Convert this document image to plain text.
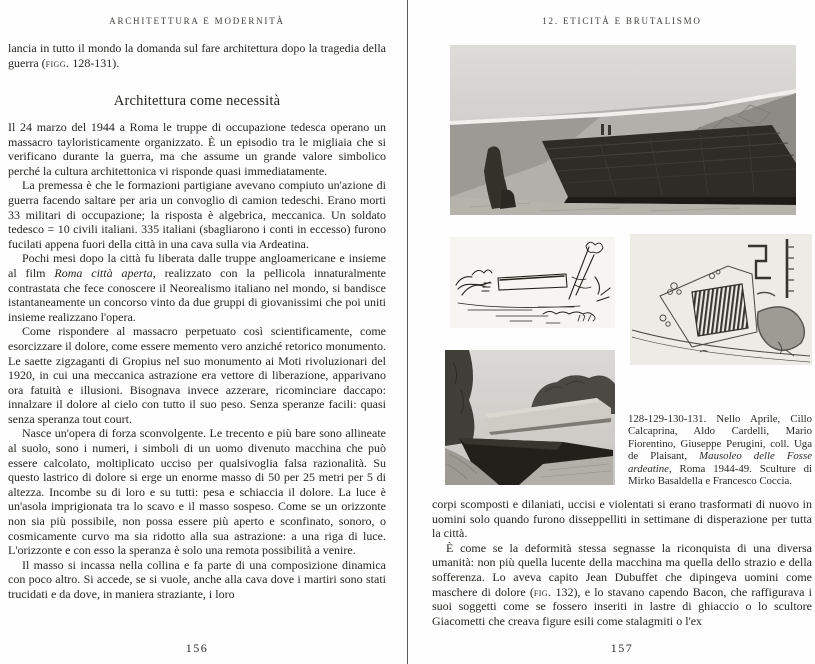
ARCHITETTURA E MODERNITÀ

lancia in tutto il mondo la domanda sul fare architettura dopo la tragedia della guerra (figg. 128-131).

Architettura come necessità

Il 24 marzo del 1944 a Roma le truppe di occupazione tedesca operano un massacro tayloristicamente organizzato. È un episodio tra le migliaia che si verificano durante la guerra, ma che assume un grande valore simbolico perché la cultura architettonica vi risponde quasi immediatamente.

La premessa è che le formazioni partigiane avevano compiuto un'azione di guerra facendo saltare per aria un convoglio di camion tedeschi. Erano morti 33 militari di occupazione; la risposta è algebrica, meccanica. Un soldato tedesco = 10 civili italiani. 335 italiani (sbagliarono i conti in eccesso) furono fucilati appena fuori della città in una cava sulla via Ardeatina.

Pochi mesi dopo la città fu liberata dalle truppe angloamericane e insieme al film Roma città aperta, realizzato con la pellicola innaturalmente contrastata che fece conoscere il Neorealismo italiano nel mondo, si bandisce istantaneamente un concorso vinto da due gruppi di giovanissimi che poi uniti insieme realizzano l'opera.

Come rispondere al massacro perpetuato così scientificamente, come esorcizzare il dolore, come essere memento vero anziché retorico monumento. Le saette zigzaganti di Gropius nel suo monumento ai Moti rivoluzionari del 1920, in cui una meccanica astrazione era vettore di liberazione, apparivano ora fatuità e illusioni. Bisognava invece azzerare, ricominciare daccapo: innalzare il dolore al cielo con tutto il suo peso. Senza speranze facili: quasi senza speranza tout court.

Nasce un'opera di forza sconvolgente. Le trecento e più bare sono allineate al suolo, sono i numeri, i simboli di un uomo divenuto macchina che può essere calcolato, moltiplicato ucciso per qualsivoglia falsa razionalità. Su questo lastrico di dolore si erge un enorme masso di 50 per 25 metri per 5 di altezza. Incombe su di loro e su tutti: pesa e schiaccia il dolore. La luce è un'asola imprigionata tra lo scavo e il masso sospeso. Come se un orizzonte non sia più possibile, non possa essere più aperto e sconfinato, sonoro, o cosmicamente curvo ma sia ridotto alla sua astrazione: a una riga di luce. L'orizzonte e con esso la speranza è solo una remota possibilità a venire.

Il masso si incassa nella collina e fa parte di una composizione dinamica con poco altro. Si accede, se si vuole, anche alla cava dove i martiri sono stati trucidati e da dove, in maniera straziante, i loro

156
12. ETICITÀ E BRUTALISMO
128-129-130-131. Nello Aprile, Cillo Calcaprina, Aldo Cardelli, Mario Fiorentino, Giuseppe Perugini, coll. Uga de Plaisant, Mausoleo delle Fosse ardeatine, Roma 1944-49. Sculture di Mirko Basaldella e Francesco Coccia.

corpi scomposti e dilaniati, uccisi e violentati si erano trasformati di nuovo in uomini solo quando furono disseppelliti in settimane di disperazione per tutta la città.

È come se la deformità stessa segnasse la riconquista di una diversa umanità: non più quella lucente della macchina ma quella dello strazio e della sofferenza. Lo aveva capito Jean Dubuffet che dipingeva uomini come maschere di dolore (fig. 132), e lo stavano capendo Bacon, che raffigurava i suoi soggetti come se fossero inseriti in lastre di ghiaccio o lo scultore Giacometti che creava figure esili come stalagmiti o l'ex

157
